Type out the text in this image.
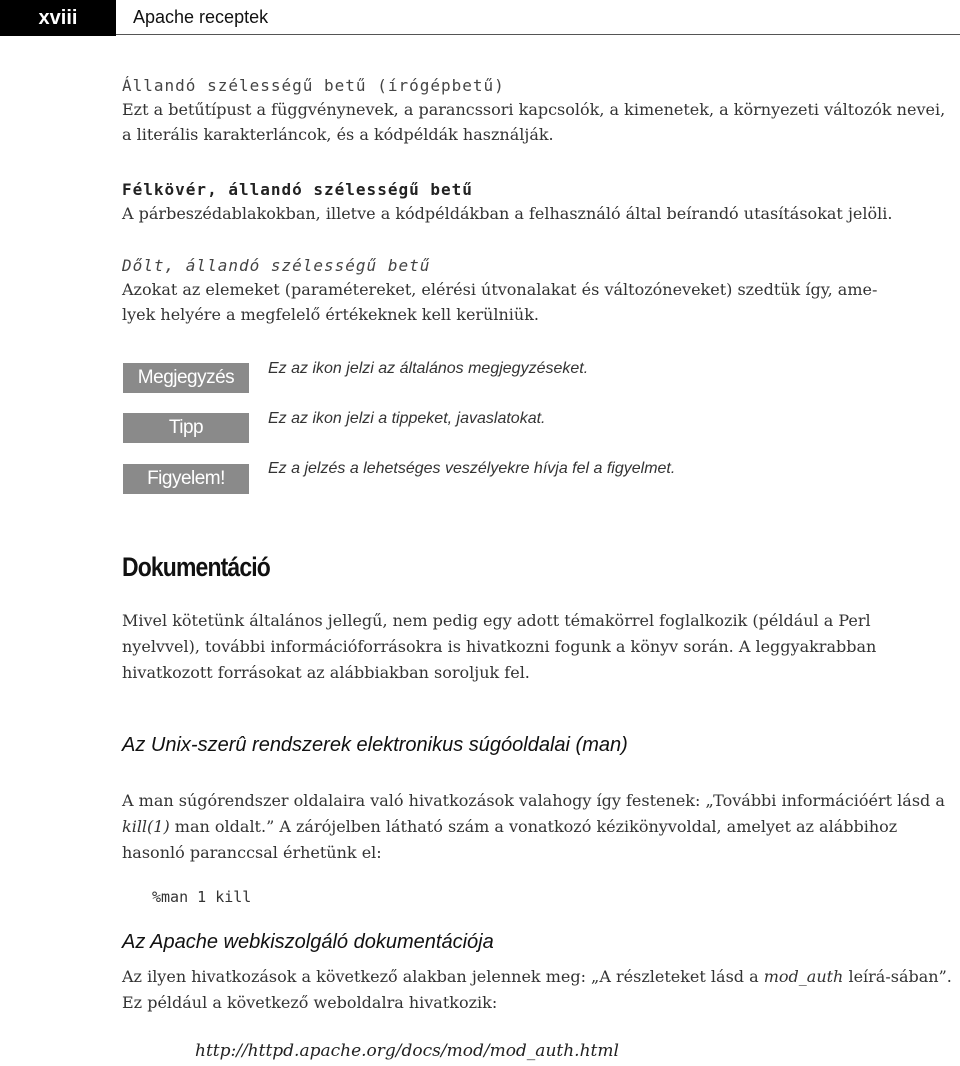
xviii	Apache receptek
Állandó szélességű betű (írógépbetű)
Ezt a betűtípust a függvénynevek, a parancssori kapcsolók, a kimenetek, a környezeti változók nevei, a literális karakterláncok, és a kódpéldák használják.
Félkövér, állandó szélességű betű
A párbeszédablakokban, illetve a kódpéldákban a felhasználó által beírandó utasításokat jelöli.
Dőlt, állandó szélességű betű
Azokat az elemeket (paramétereket, elérési útvonalakat és változóneveket) szedtük így, ame-
lyek helyére a megfelelő értékeknek kell kerülniük.
Megjegyzés	Ez az ikon jelzi az általános megjegyzéseket.
Tipp	Ez az ikon jelzi a tippeket, javaslatokat.
Figyelem!	Ez a jelzés a lehetséges veszélyekre hívja fel a figyelmet.
Dokumentáció
Mivel kötetünk általános jellegű, nem pedig egy adott témakörrel foglalkozik (például a Perl nyelvvel), további információforrásokra is hivatkozni fogunk a könyv során. A leggyakrabban hivatkozott forrásokat az alábbiakban soroljuk fel.
Az Unix-szerû rendszerek elektronikus súgóoldalai (man)
A man súgórendszer oldalaira való hivatkozások valahogy így festenek: „További információért lásd a kill(1) man oldalt.” A zárójelben látható szám a vonatkozó kézikönyvoldal, amelyet az alábbihoz hasonló paranccsal érhetünk el:
%man 1 kill
Az Apache webkiszolgáló dokumentációja
Az ilyen hivatkozások a következő alakban jelennek meg: „A részleteket lásd a mod_auth leírá-sában”. Ez például a következő weboldalra hivatkozik:
http://httpd.apache.org/docs/mod/mod_auth.html
